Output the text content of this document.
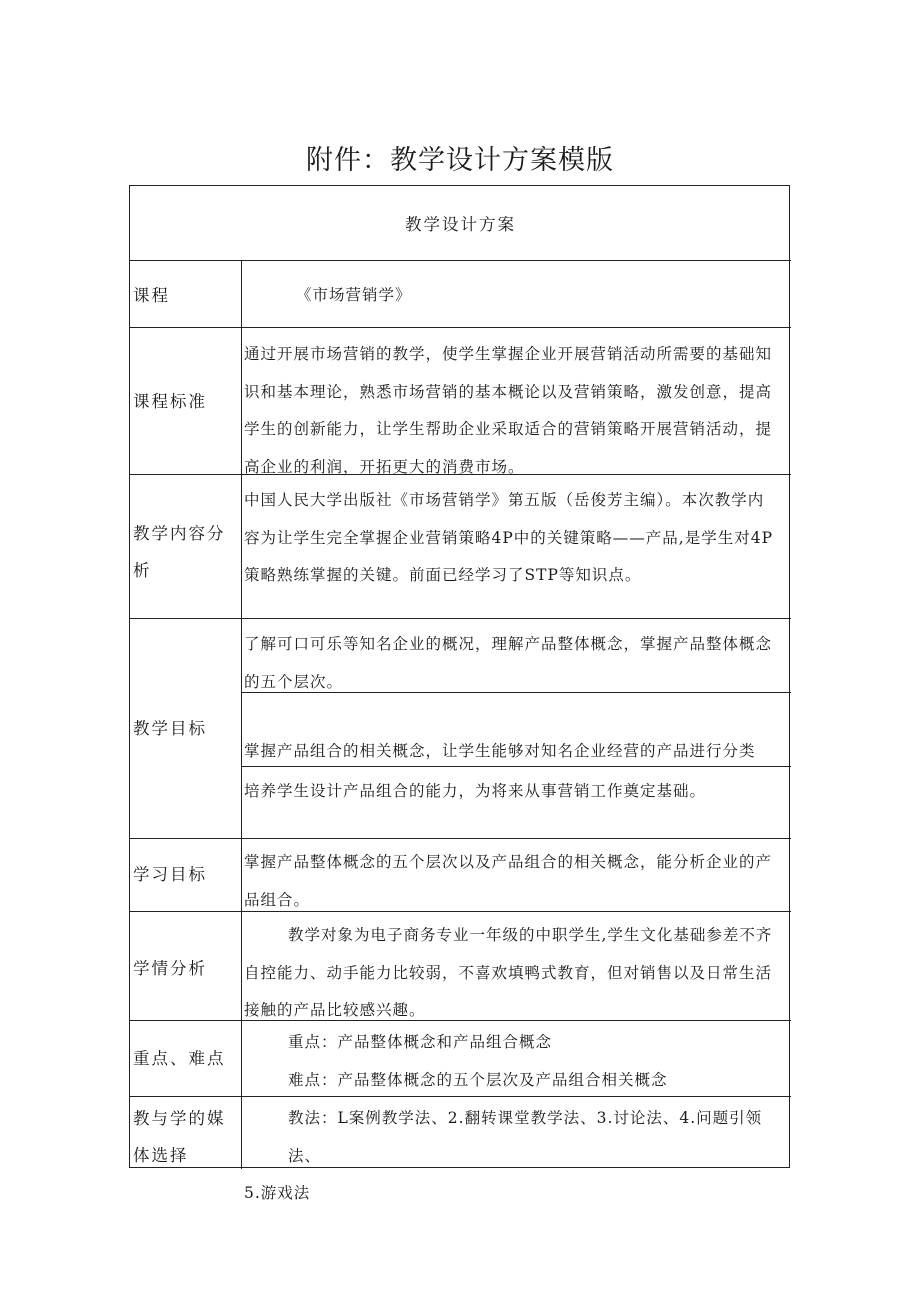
附件：教学设计方案模版
教学设计方案
课程	《市场营销学》
课程标准
通过开展市场营销的教学，使学生掌握企业开展营销活动所需要的基础知
识和基本理论，熟悉市场营销的基本概论以及营销策略，激发创意，提高
学生的创新能力，让学生帮助企业采取适合的营销策略开展营销活动，提
高企业的利润，开拓更大的消费市场。
教学内容分
析
中国人民大学出版社《市场营销学》第五版（岳俊芳主编）。本次教学内
容为让学生完全掌握企业营销策略4P中的关键策略——产品,是学生对4P
策略熟练掌握的关键。前面已经学习了STP等知识点。
教学目标
了解可口可乐等知名企业的概况，理解产品整体概念，掌握产品整体概念
的五个层次。
掌握产品组合的相关概念，让学生能够对知名企业经营的产品进行分类
培养学生设计产品组合的能力，为将来从事营销工作奠定基础。
学习目标
掌握产品整体概念的五个层次以及产品组合的相关概念，能分析企业的产
品组合。
学情分析
教学对象为电子商务专业一年级的中职学生,学生文化基础参差不齐
自控能力、动手能力比较弱，不喜欢填鸭式教育，但对销售以及日常生活
接触的产品比较感兴趣。
重点、难点
重点：产品整体概念和产品组合概念
难点：产品整体概念的五个层次及产品组合相关概念
教与学的媒
体选择
教法：L案例教学法、2.翻转课堂教学法、3.讨论法、4.问题引领法、
5.游戏法
